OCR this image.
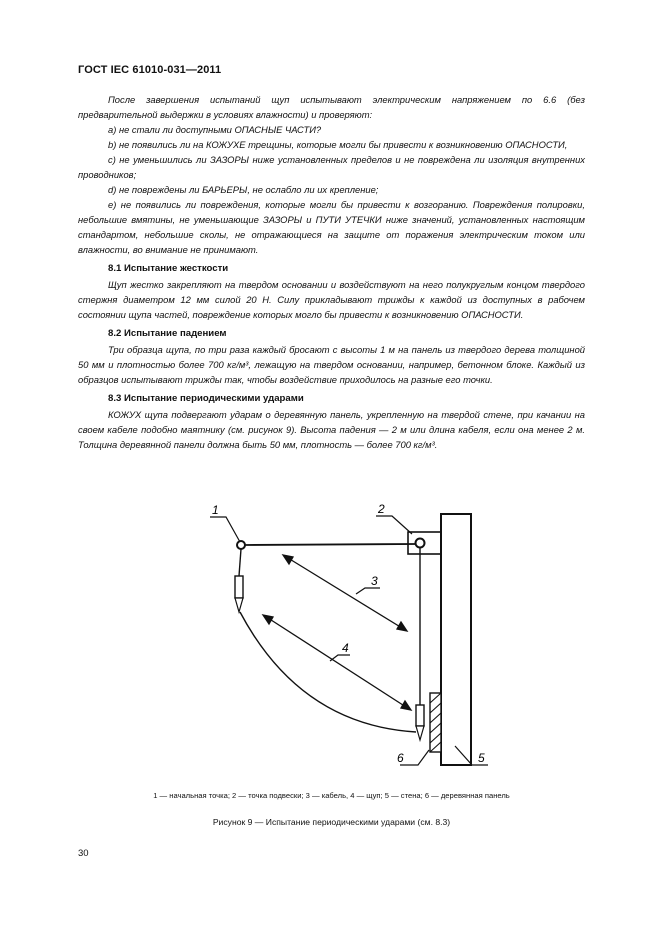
ГОСТ IEC 61010-031—2011

После завершения испытаний щуп испытывают электрическим напряжением по 6.6 (без предварительной выдержки в условиях влажности) и проверяют:

a) не стали ли доступными ОПАСНЫЕ ЧАСТИ?

b) не появились ли на КОЖУХЕ трещины, которые могли бы привести к возникновению ОПАСНОСТИ,

c) не уменьшились ли ЗАЗОРЫ ниже установленных пределов и не повреждена ли изоляция внутренних проводников;

d) не повреждены ли БАРЬЕРЫ, не ослабло ли их крепление;

e) не появились ли повреждения, которые могли бы привести к возгоранию. Повреждения полировки, небольшие вмятины, не уменьшающие ЗАЗОРЫ и ПУТИ УТЕЧКИ ниже значений, установленных настоящим стандартом, небольшие сколы, не отражающиеся на защите от поражения электрическим током или влажности, во внимание не принимают.

8.1 Испытание жесткости

Щуп жестко закрепляют на твердом основании и воздействуют на него полукруглым концом твердого стержня диаметром 12 мм силой 20 Н. Силу прикладывают трижды к каждой из доступных в рабочем состоянии щупа частей, повреждение которых могло бы привести к возникновению ОПАСНОСТИ.

8.2 Испытание падением

Три образца щупа, по три раза каждый бросают с высоты 1 м на панель из твердого дерева толщиной 50 мм и плотностью более 700 кг/м³, лежащую на твердом основании, например, бетонном блоке. Каждый из образцов испытывают трижды так, чтобы воздействие приходилось на разные его точки.

8.3 Испытание периодическими ударами

КОЖУХ щупа подвергают ударам о деревянную панель, укрепленную на твердой стене, при качании на своем кабеле подобно маятнику (см. рисунок 9). Высота падения — 2 м или длина кабеля, если она менее 2 м. Толщина деревянной панели должна быть 50 мм, плотность — более 700 кг/м³.

1	2
3
4
5
6
1 — начальная точка; 2 — точка подвески; 3 — кабель, 4 — щуп; 5 — стена; 6 — деревянная панель
Рисунок 9 — Испытание периодическими ударами (см. 8.3)
30
